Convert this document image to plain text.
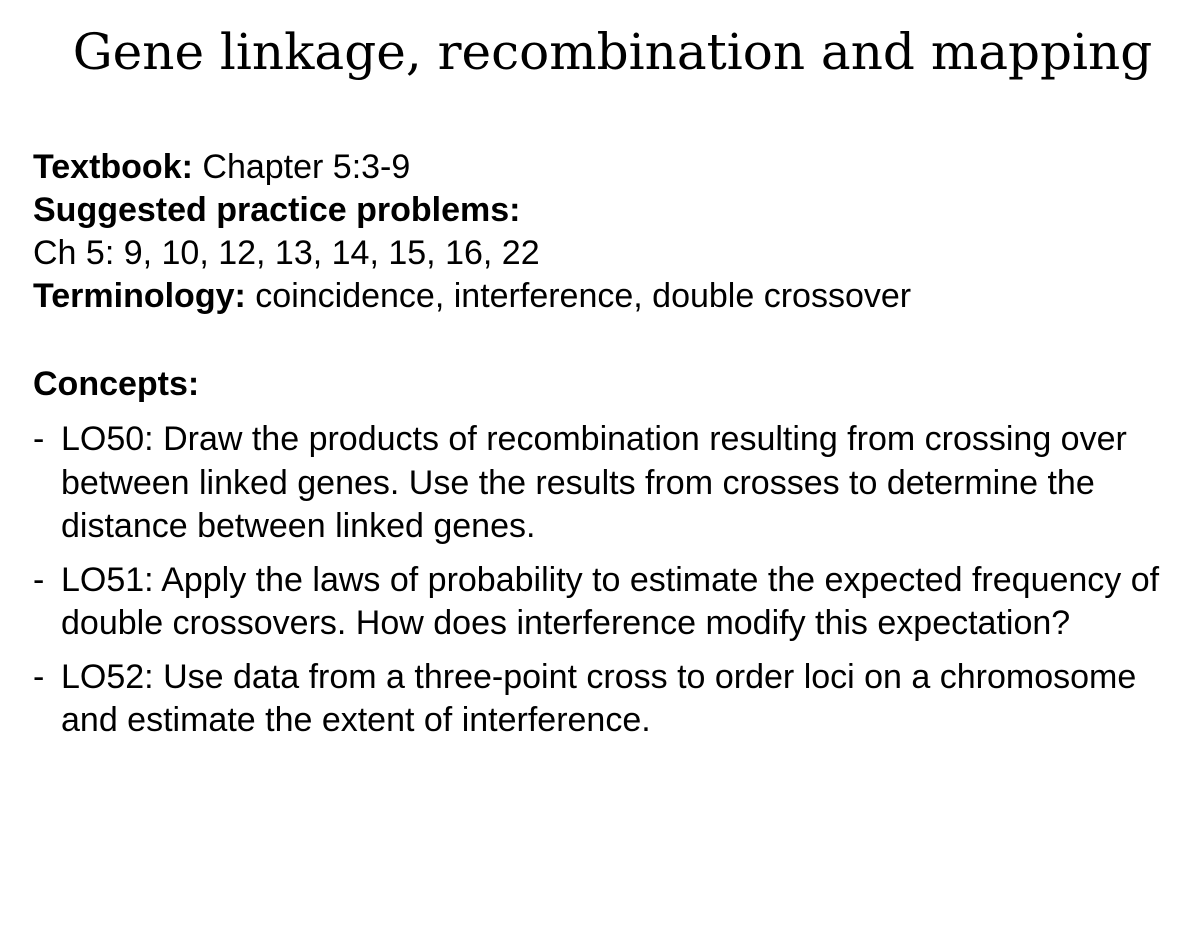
Gene linkage, recombination and mapping
Textbook: Chapter 5:3-9
Suggested practice problems:
Ch 5: 9, 10, 12, 13, 14, 15, 16, 22
Terminology: coincidence, interference, double crossover
Concepts:
- LO50: Draw the products of recombination resulting from crossing over between linked genes. Use the results from crosses to determine the distance between linked genes.
- LO51: Apply the laws of probability to estimate the expected frequency of double crossovers. How does interference modify this expectation?
- LO52: Use data from a three-point cross to order loci on a chromosome and estimate the extent of interference.
